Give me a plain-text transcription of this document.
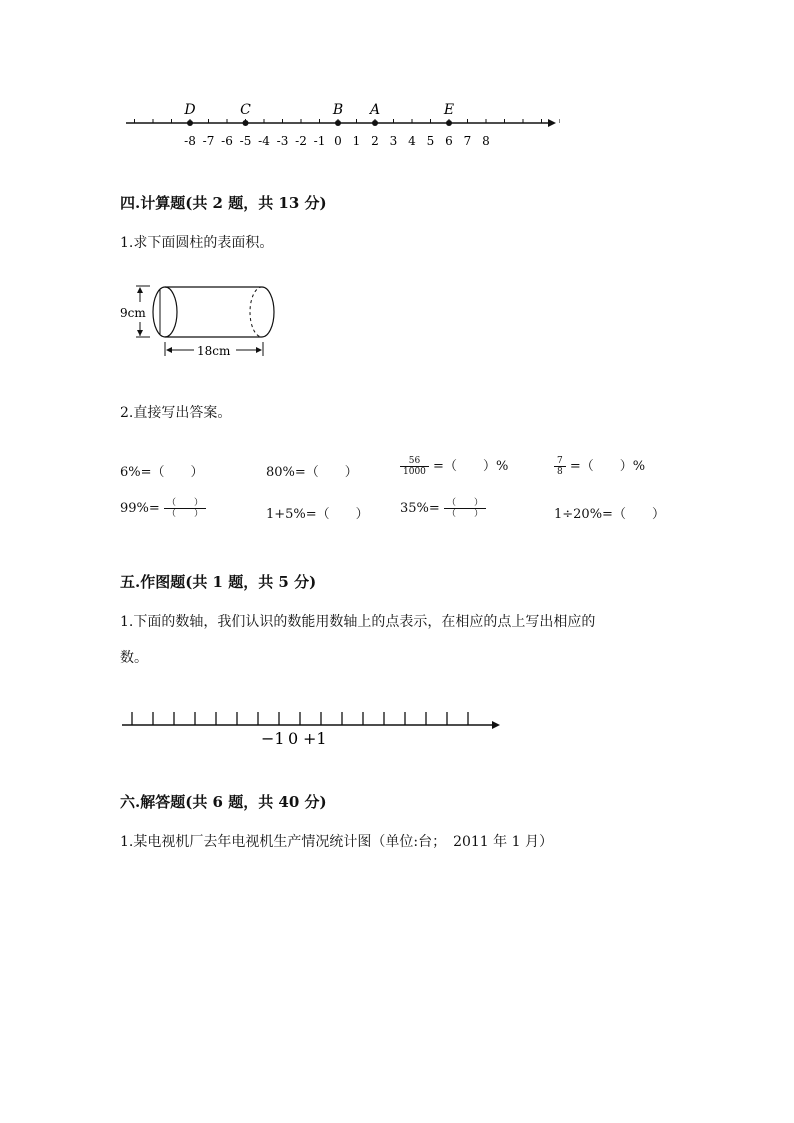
-8 -7 -6 -5 -4 -3 -2 -1 0 1 2 3 4 5 6 7 8
D	C	B A	E
四.计算题(共 2 题，共 13 分)
1.求下面圆柱的表面积。
9cm
18cm
2.直接写出答案。
6%=（　　）	80%=（　　）	$\frac{56}{1000}$ =（　　）%	$\frac{7}{8}$ =（　　）%
$99\%= \frac{( )}{( )}$	1+5%=（　　） $35\%= \frac{( )}{( )}$	1÷20%=（　　）
五.作图题(共 1 题，共 5 分)
1.下面的数轴，我们认识的数能用数轴上的点表示，在相应的点上写出相应的
数。
−1 0 +1
六.解答题(共 6 题，共 40 分)
1.某电视机厂去年电视机生产情况统计图（单位:台；　2011 年 1 月）
